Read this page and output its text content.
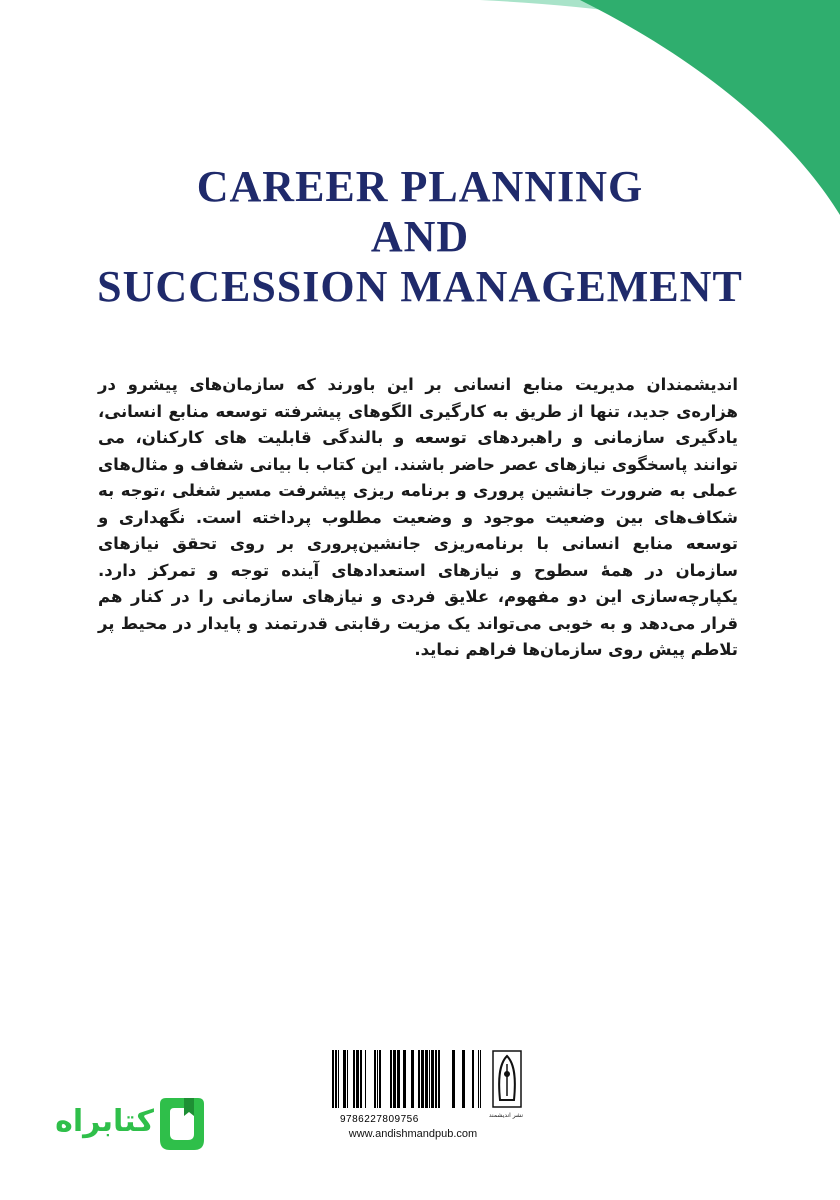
CAREER PLANNING
AND
SUCCESSION MANAGEMENT
اندیشمندان مدیریت منابع انسانی بر این باورند که سازمان‌های پیشرو در هزاره‌ی جدید، تنها از طریق به کارگیری الگوهای پیشرفته توسعه منابع انسانی، یادگیری سازمانی و راهبردهای توسعه و بالندگی قابلیت های کارکنان، می توانند پاسخگوی نیازهای عصر حاضر باشند. این کتاب با بیانی شفاف و مثال‌های عملی به ضرورت جانشین پروری و برنامه ریزی پیشرفت مسیر شغلی ،توجه به شکاف‌های بین وضعیت موجود و وضعیت مطلوب پرداخته است. نگهداری و توسعه منابع انسانی با برنامه‌ریزی جانشین‌پروری بر روی تحقق نیازهای سازمان در همهٔ سطوح و نیازهای استعدادهای آینده توجه و تمرکز دارد. یکپارچه‌سازی این دو مفهوم، علایق فردی و نیازهای سازمانی را در کنار هم قرار می‌دهد و به خوبی می‌تواند یک مزیت رقابتی قدرتمند و پایدار در محیط پر تلاطم پیش روی سازمان‌ها فراهم نماید.
9786227809756
www.andishmandpub.com
نشر اندیشمند
کتابراه
